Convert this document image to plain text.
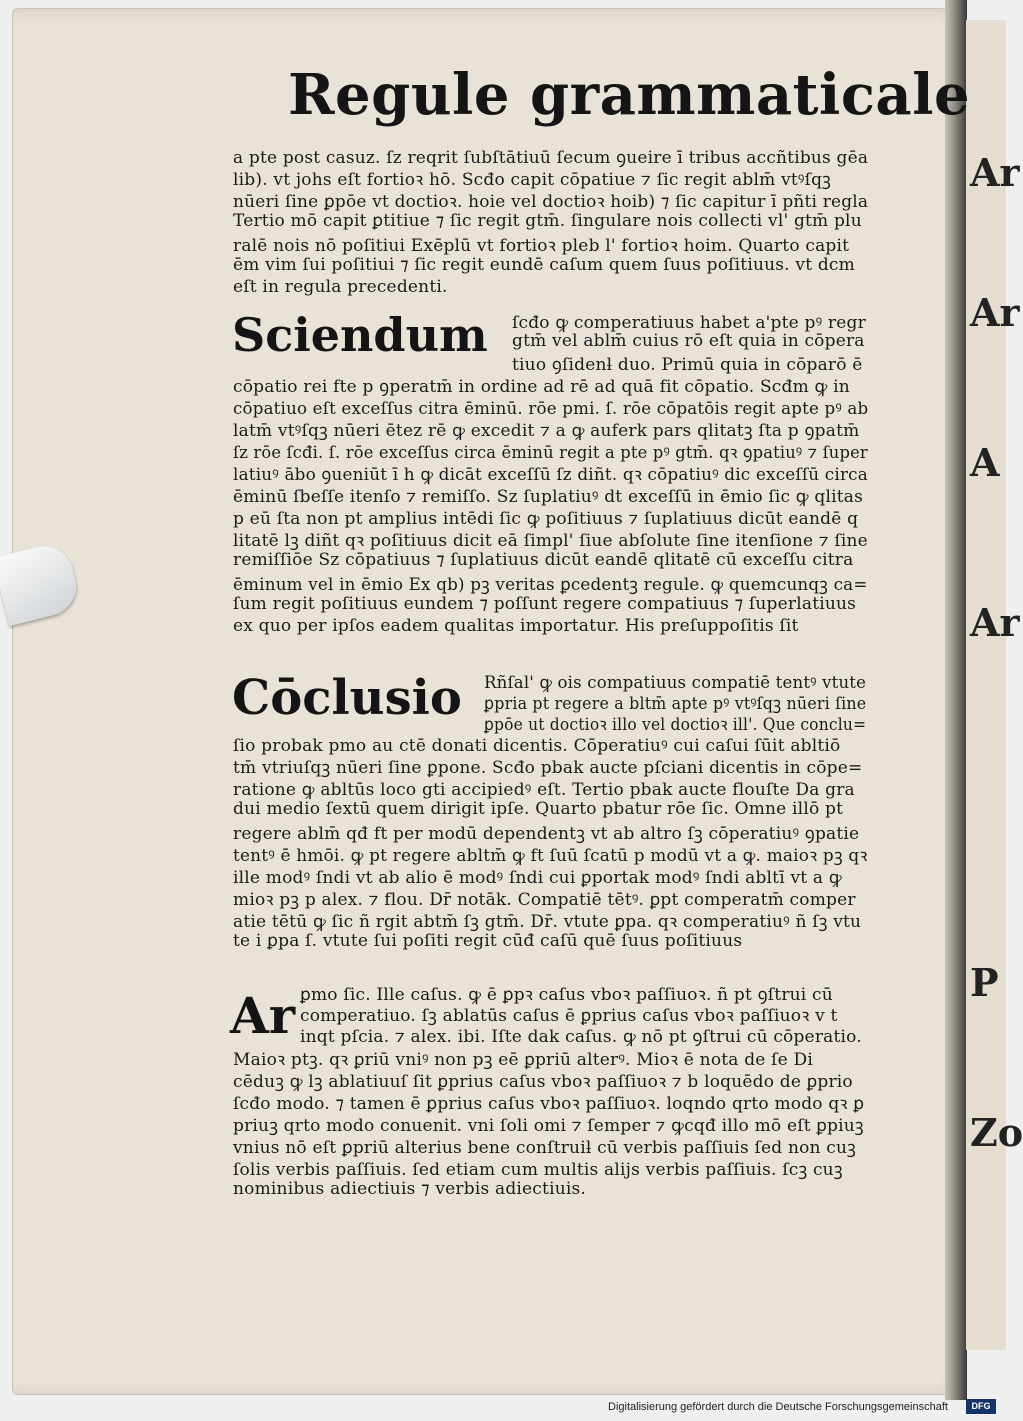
Ar
Ar
A
Ar
P
Zo
Regule grammaticale
a pte post casuz. ſz reqrit ſubſtātiuū ſecum ꝯueire ī tribus accñtibus gēa
lib). vt johs eſt fortioꝛ hō. Scđo capit cōpatiue ⁊ ſic regit ablm̄ vtꝰſqꝫ
nūeri ſine ꝑpōe vt doctioꝛ. hoie vel doctioꝛ hoib) ⁊ ſic capitur ī pñti regla
Tertio mō capit ꝑtitiue ⁊ ſic regit gtm̄. ſingulare nois collecti vl' gtm̄ plu
ralē nois nō poſitiui Exēplū vt fortioꝛ pleb l' fortioꝛ hoim. Quarto capit
ēm vim ſui poſitiui ⁊ ſic regit eundē caſum quem ſuus poſitiuus. vt dcm
eſt in regula precedenti.
Sciendum ſcđo ꝙ comperatiuus habet a'pte pꝰ regr
gtm̄ vel ablm̄ cuius rō eſt quia in cōpera
tiuo ꝯſidenƚ duo. Primū quia in cōparō ē
cōpatio rei fte p ꝯperatm̄ in ordine ad rē ad quā fit cōpatio. Scđm ꝙ in
cōpatiuo eſt exceſſus citra ēminū. rōe pmi. ſ. rōe cōpatōis regit apte pꝰ ab
latm̄ vtꝰſqꝫ nūeri ētez rē ꝙ excedit ⁊ a ꝙ auferk pars qlitatꝫ ſta p ꝯpatm̄
ſz rōe ſcđi. ſ. rōe exceſſus circa ēminū regit a pte pꝰ gtm̄. qꝛ ꝯpatiuꝰ ⁊ ſuper
latiuꝰ ābo ꝯueniūt ī h ꝙ dicāt exceſſū ſz diñt. qꝛ cōpatiuꝰ dic exceſſū circa
ēminū ſbeſſe itenſo ⁊ remiſſo. Sz ſuplatiuꝰ dt exceſſū in ēmio ſic ꝙ qlitas
p eū ſta non pt amplius intēdi ſic ꝙ poſitiuus ⁊ ſuplatiuus dicūt eandē q
litatē lꝫ diñt qꝛ poſitiuus dicit eā ſimpl' ſiue abſolute ſine itenſione ⁊ ſine
remiſſiōe Sz cōpatiuus ⁊ ſuplatiuus dicūt eandē qlitatē cū exceſſu citra
ēminum vel in ēmio Ex qb) pꝫ veritas ꝑcedentꝫ regule. ꝙ quemcunqꝫ ca=
ſum regit poſitiuus eundem ⁊ poſſunt regere compatiuus ⁊ ſuperlatiuus
ex quo per ipſos eadem qualitas importatur. His preſuppoſitis ſit
Cōclusio Rñſal' ꝙ ois compatiuus compatiē tentꝰ vtute
ꝑpria pt regere a bltm̄ apte pꝰ vtꝰſqꝫ nūeri ſine
ꝑpōe ut doctioꝛ illo vel doctioꝛ ill'. Que conclu=
ſio probak pmo au ctē donati dicentis. Cōperatiuꝰ cui caſui ſūit abltiō
tm̄ vtriuſqꝫ nūeri ſine ꝑpone. Scđo pbak aucte pſciani dicentis in cōpe=
ratione ꝙ abltūs loco gti accipiedꝰ eſt. Tertio pbak aucte flouſte Da gra
dui medio ſextū quem dirigit ipſe. Quarto pbatur rōe ſic. Omne illō pt
regere ablm̄ qđ ft per modū dependentꝫ vt ab altro ſꝫ cōperatiuꝰ ꝯpatie
tentꝰ ē hmōi. ꝙ pt regere abltm̄ ꝙ ft ſuū ſcatū p modū vt a ꝙ. maioꝛ pꝫ qꝛ
ille modꝰ ſndi vt ab alio ē modꝰ ſndi cui ꝑportak modꝰ ſndi abltī vt a ꝙ
mioꝛ pꝫ p alex. ⁊ flou. Dr̄ notāk. Compatiē tētꝰ. ꝑpt comperatm̄ comper
atie tētū ꝙ ſic ñ rgit abtm̄ ſꝫ gtm̄. Dr̄. vtute ꝑpa. qꝛ comperatiuꝰ ñ ſꝫ vtu
te i ꝑpa ſ. vtute ſui poſiti regit cūđ caſū quē ſuus poſitiuus
Ar ꝑmo ſic. Ille caſus. ꝙ ē ꝑpꝛ caſus vboꝛ paſſiuoꝛ. ñ pt ꝯſtrui cū
comperatiuo. ſꝫ ablatūs caſus ē ꝑprius caſus vboꝛ paſſiuoꝛ v t
inqt pſcia. ⁊ alex. ibi. Iſte dak caſus. ꝙ nō pt ꝯſtrui cū cōperatio.
Maioꝛ ptꝫ. qꝛ ꝑriū vniꝰ non pꝫ eē ꝑpriū alterꝰ. Mioꝛ ē nota de ſe Di
cēduꝫ ꝙ lꝫ ablatiuuſ ſit ꝑprius caſus vboꝛ paſſiuoꝛ ⁊ b loquēdo de ꝑprio
ſcđo modo. ⁊ tamen ē ꝑprius caſus vboꝛ paſſiuoꝛ. loqndo qrto modo qꝛ ꝑ
priuꝫ qrto modo conuenit. vni ſoli omi ⁊ ſemper ⁊ ꝙcqđ illo mō eſt ꝑpiuꝫ
vnius nō eſt ꝑpriū alterius bene conſtruiƚ cū verbis paſſiuis ſed non cuꝫ
ſolis verbis paſſiuis. ſed etiam cum multis alijs verbis paſſiuis. ſcꝫ cuꝫ
nominibus adiectiuis ⁊ verbis adiectiuis.
Digitalisierung gefördert durch die Deutsche Forschungsgemeinschaft	DFG
